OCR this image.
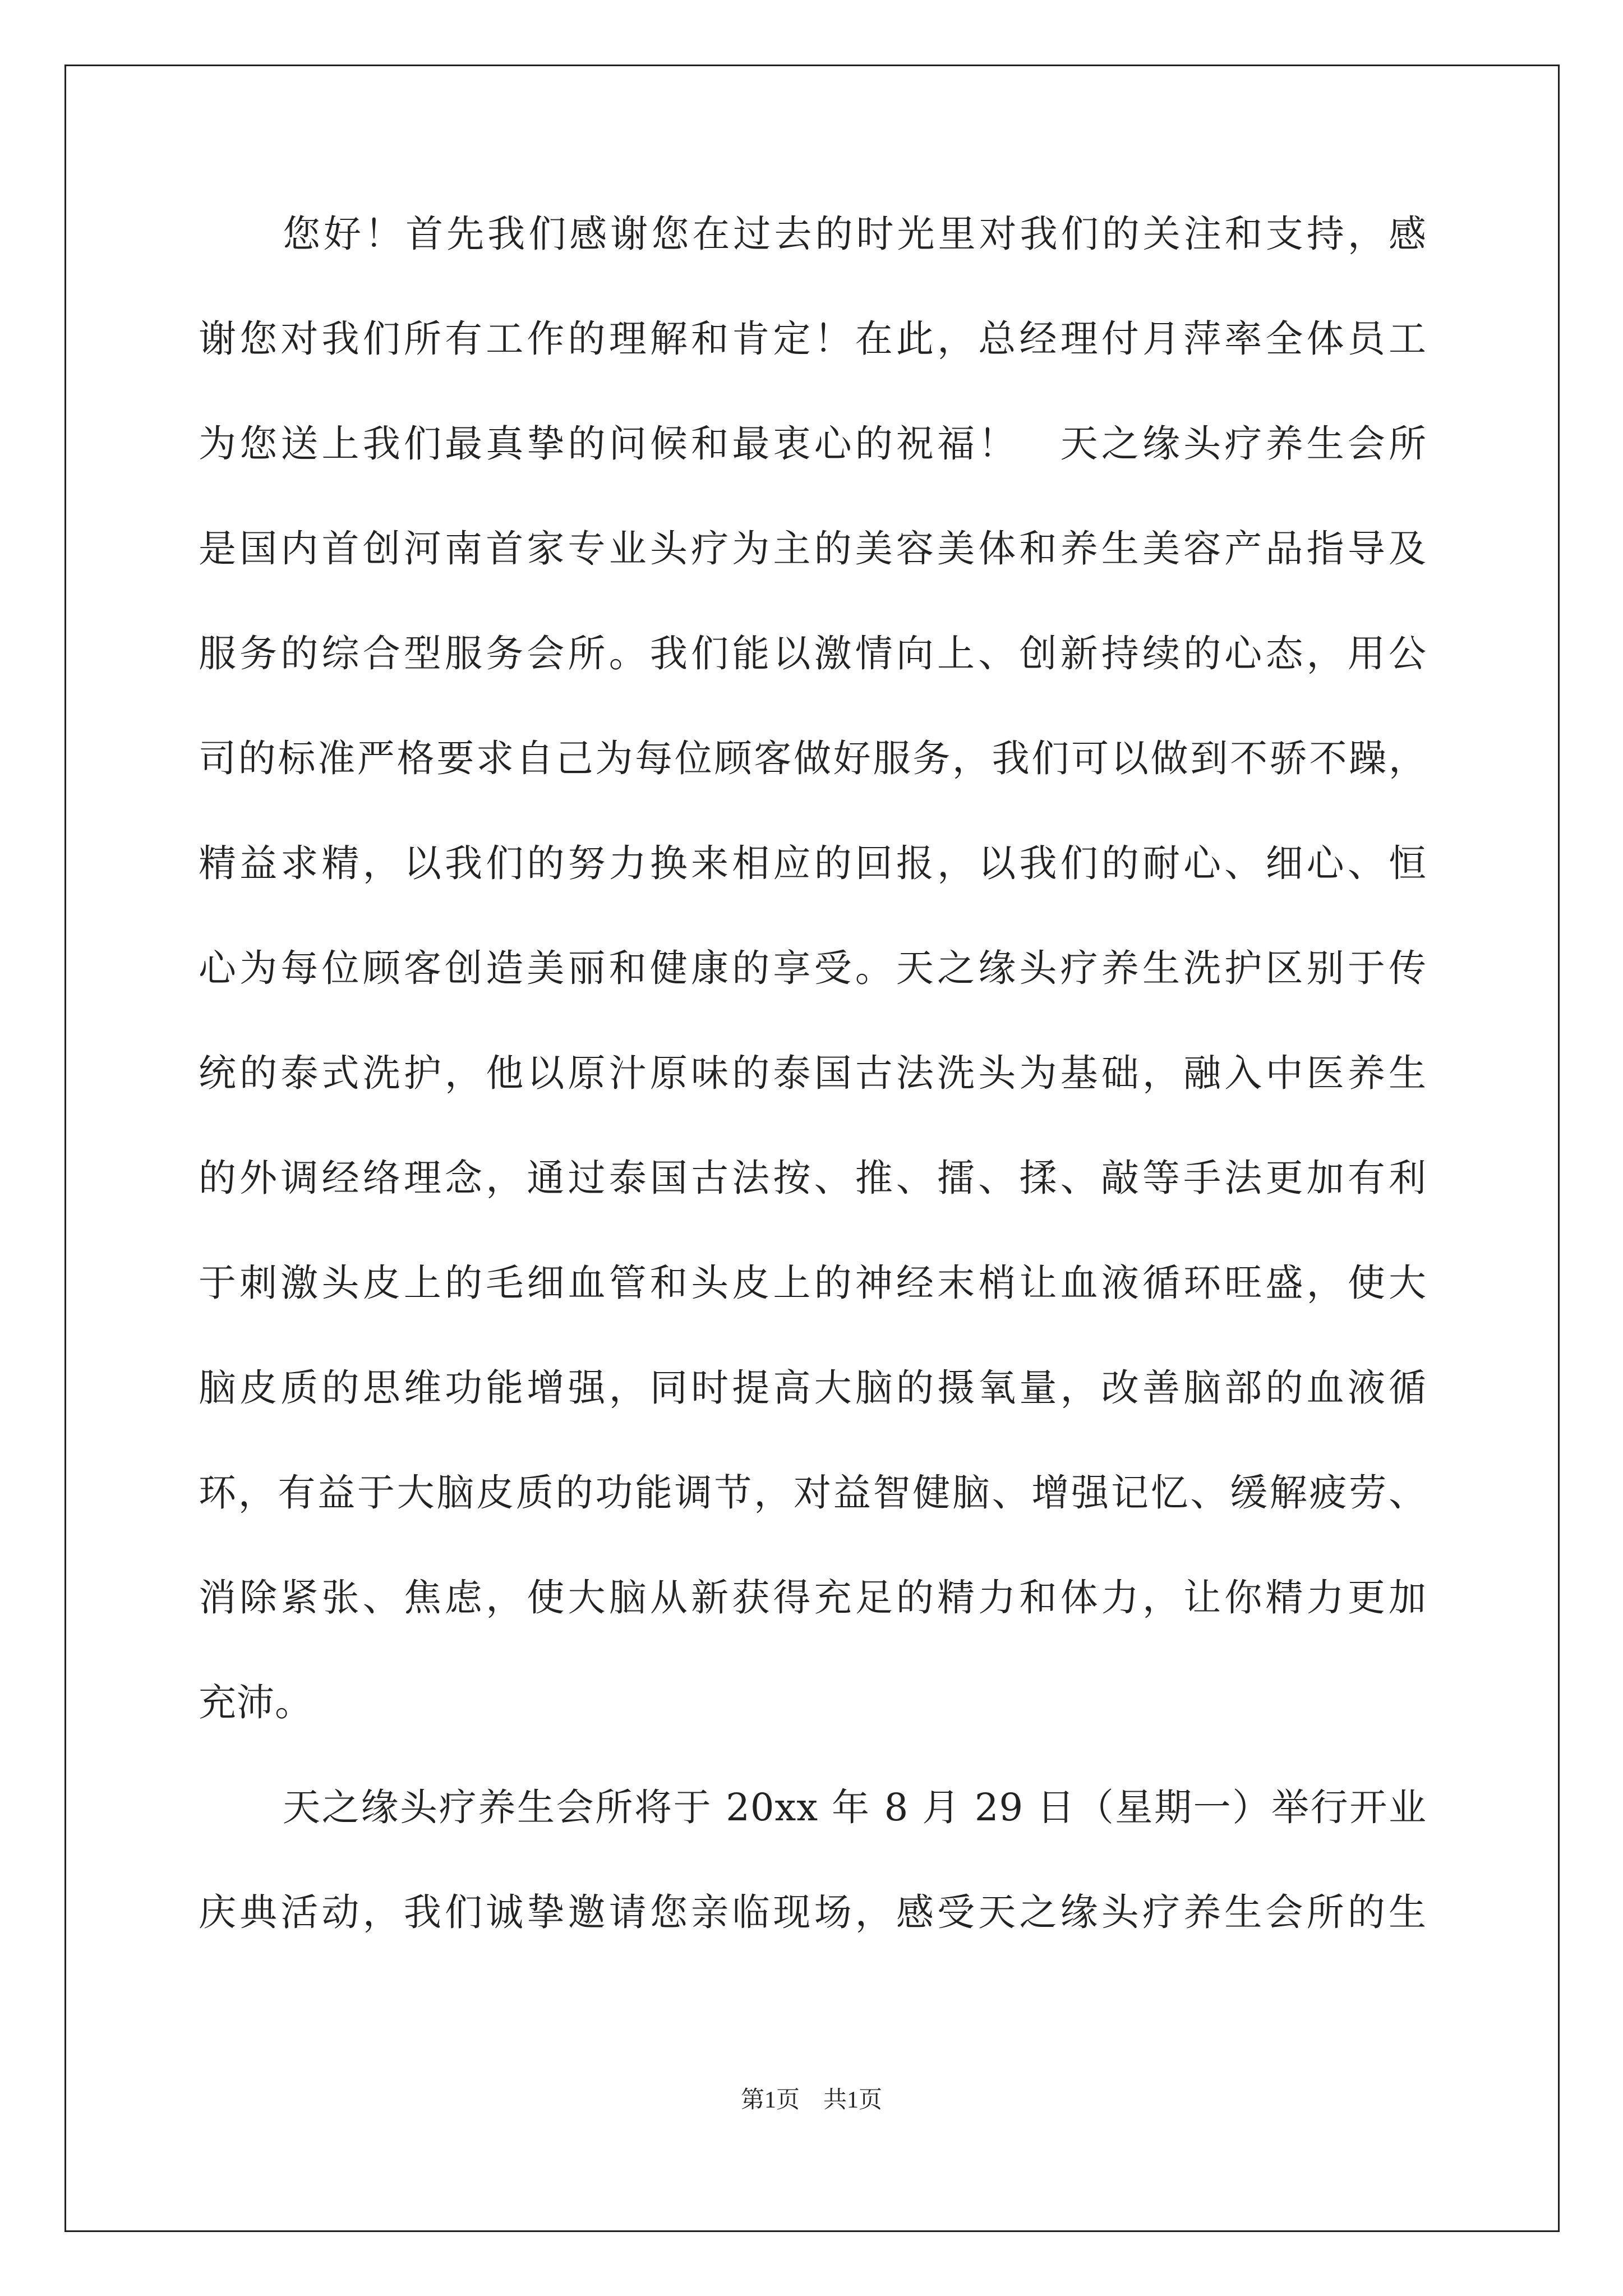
您好！首先我们感谢您在过去的时光里对我们的关注和支持，感
谢您对我们所有工作的理解和肯定！在此，总经理付月萍率全体员工
为您送上我们最真挚的问候和最衷心的祝福！　天之缘头疗养生会所
是国内首创河南首家专业头疗为主的美容美体和养生美容产品指导及
服务的综合型服务会所。我们能以激情向上、创新持续的心态，用公
司的标准严格要求自己为每位顾客做好服务，我们可以做到不骄不躁，
精益求精，以我们的努力换来相应的回报，以我们的耐心、细心、恒
心为每位顾客创造美丽和健康的享受。天之缘头疗养生洗护区别于传
统的泰式洗护，他以原汁原味的泰国古法洗头为基础，融入中医养生
的外调经络理念，通过泰国古法按、推、擂、揉、敲等手法更加有利
于刺激头皮上的毛细血管和头皮上的神经末梢让血液循环旺盛，使大
脑皮质的思维功能增强，同时提高大脑的摄氧量，改善脑部的血液循
环，有益于大脑皮质的功能调节，对益智健脑、增强记忆、缓解疲劳、
消除紧张、焦虑，使大脑从新获得充足的精力和体力，让你精力更加
充沛。
天之缘头疗养生会所将于 20xx 年 8 月 29 日（星期一）举行开业
庆典活动，我们诚挚邀请您亲临现场，感受天之缘头疗养生会所的生
第1页　共1页
